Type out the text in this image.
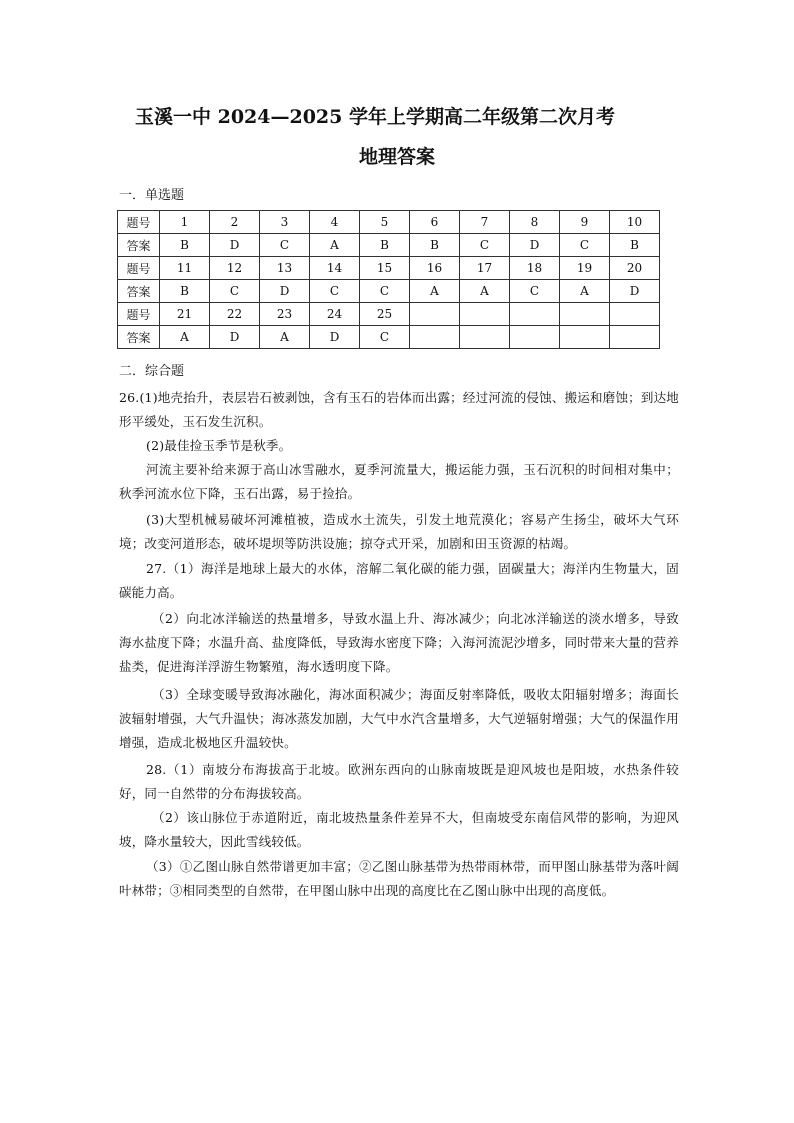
玉溪一中 2024—2025 学年上学期高二年级第二次月考
地理答案
一．单选题
题号	1	2	3	4	5	6	7	8	9	10
答案	B	D	C	A	B	B	C	D	C	B
题号	11	12	13	14	15	16	17	18	19	20
答案	B	C	D	C	C	A	A	C	A	D
题号	21	22	23	24	25					
答案	A	D	A	D	C					
二．综合题

26.(1)地壳抬升，表层岩石被剥蚀，含有玉石的岩体而出露；经过河流的侵蚀、搬运和磨蚀；到达地形平缓处，玉石发生沉积。

(2)最佳捡玉季节是秋季。

河流主要补给来源于高山冰雪融水，夏季河流量大，搬运能力强，玉石沉积的时间相对集中；秋季河流水位下降，玉石出露，易于捡拾。

(3)大型机械易破坏河滩植被，造成水土流失，引发土地荒漠化；容易产生扬尘，破坏大气环境；改变河道形态，破坏堤坝等防洪设施；掠夺式开采，加剧和田玉资源的枯竭。

27.（1）海洋是地球上最大的水体，溶解二氧化碳的能力强，固碳量大；海洋内生物量大，固碳能力高。

（2）向北冰洋输送的热量增多，导致水温上升、海冰减少；向北冰洋输送的淡水增多，导致海水盐度下降；水温升高、盐度降低，导致海水密度下降；入海河流泥沙增多，同时带来大量的营养盐类，促进海洋浮游生物繁殖，海水透明度下降。

（3）全球变暖导致海冰融化，海冰面积减少；海面反射率降低，吸收太阳辐射增多；海面长波辐射增强，大气升温快；海冰蒸发加剧，大气中水汽含量增多，大气逆辐射增强；大气的保温作用增强，造成北极地区升温较快。

28.（1）南坡分布海拔高于北坡。欧洲东西向的山脉南坡既是迎风坡也是阳坡，水热条件较好，同一自然带的分布海拔较高。

（2）该山脉位于赤道附近，南北坡热量条件差异不大，但南坡受东南信风带的影响，为迎风坡，降水量较大，因此雪线较低。

（3）①乙图山脉自然带谱更加丰富；②乙图山脉基带为热带雨林带，而甲图山脉基带为落叶阔叶林带；③相同类型的自然带，在甲图山脉中出现的高度比在乙图山脉中出现的高度低。
